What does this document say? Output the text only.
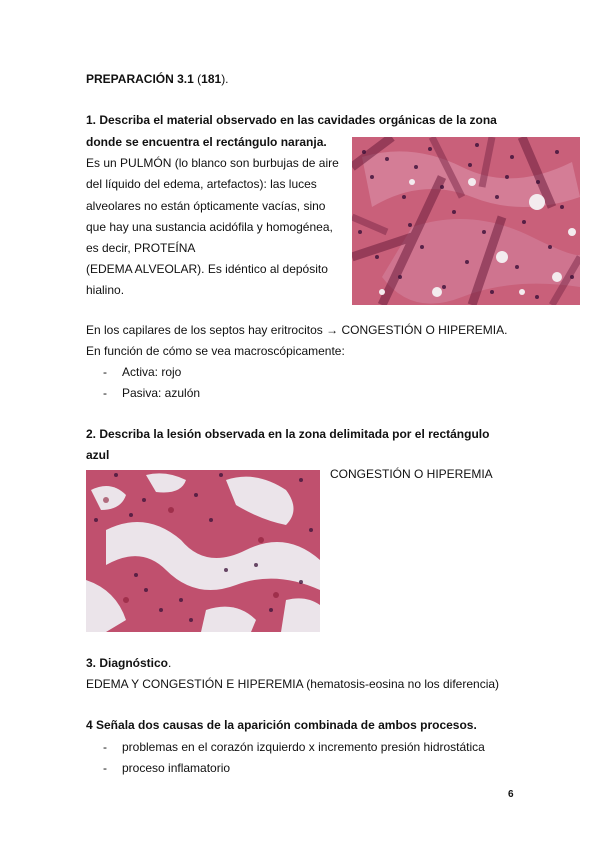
PREPARACIÓN 3.1 (181).
1. Describa el material observado en las cavidades orgánicas de la zona
donde se encuentra el rectángulo naranja.
Es un PULMÓN (lo blanco son burbujas de aire
del líquido del edema, artefactos): las luces
alveolares no están ópticamente vacías, sino
que hay una sustancia acidófila y homogénea,
es decir, PROTEÍNA
(EDEMA ALVEOLAR). Es idéntico al depósito
hialino.
En los capilares de los septos hay eritrocitos → CONGESTIÓN O HIPEREMIA.
En función de cómo se vea macroscópicamente:
- Activa: rojo
- Pasiva: azulón
2. Describa la lesión observada en la zona delimitada por el rectángulo
azul
CONGESTIÓN O HIPEREMIA
3. Diagnóstico.
EDEMA Y CONGESTIÓN E HIPEREMIA (hematosis-eosina no los diferencia)
4 Señala dos causas de la aparición combinada de ambos procesos.
- problemas en el corazón izquierdo x incremento presión hidrostática
- proceso inflamatorio
6
